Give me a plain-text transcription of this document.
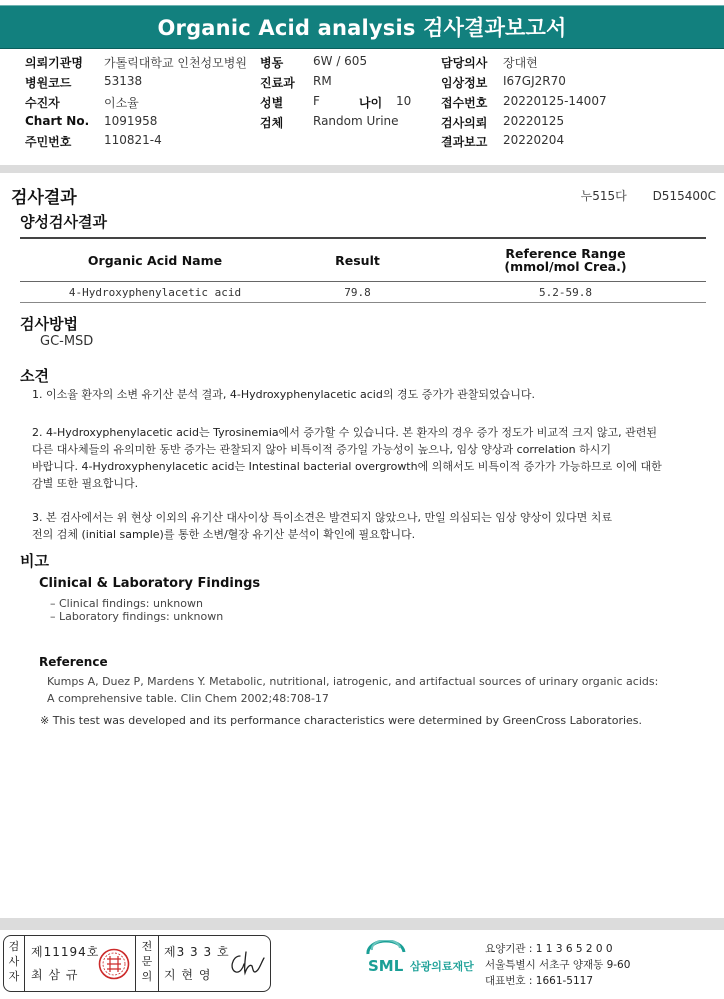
Organic Acid analysis 검사결과보고서
의뢰기관명 가톨릭대학교 인천성모병원 병동 6W / 605	담당의사 장대현
병원코드	53138	진료과 RM	임상정보 I67GJ2R70
수진자	이소율	성별 F	나이 10 접수번호 20220125-14007
Chart No. 1091958	검체 Random Urine	검사의뢰 20220125
주민번호	110821-4	결과보고 20220204
검사결과	누515다 D515400C
양성검사결과
Organic Acid Name	Result	Reference Range
(mmol/mol Crea.)

4-Hydroxyphenylacetic acid	79.8	5.2-59.8
검사방법
GC-MSD
소견
1. 이소율 환자의 소변 유기산 분석 결과, 4-Hydroxyphenylacetic acid의 경도 증가가 관찰되었습니다.
2. 4-Hydroxyphenylacetic acid는 Tyrosinemia에서 증가할 수 있습니다. 본 환자의 경우 증가 정도가 비교적 크지 않고, 관련된
다른 대사체들의 유의미한 동반 증가는 관찰되지 않아 비특이적 증가일 가능성이 높으나, 임상 양상과 correlation 하시기
바랍니다. 4-Hydroxyphenylacetic acid는 Intestinal bacterial overgrowth에 의해서도 비특이적 증가가 가능하므로 이에 대한
감별 또한 필요합니다.
3. 본 검사에서는 위 현상 이외의 유기산 대사이상 특이소견은 발견되지 않았으나, 만일 의심되는 임상 양상이 있다면 치료
전의 검체 (initial sample)를 통한 소변/혈장 유기산 분석이 확인에 필요합니다.
비고
Clinical & Laboratory Findings
– Clinical findings: unknown
– Laboratory findings: unknown
Reference
Kumps A, Duez P, Mardens Y. Metabolic, nutritional, iatrogenic, and artifactual sources of urinary organic acids:
A comprehensive table. Clin Chem 2002;48:708-17
※ This test was developed and its performance characteristics were determined by GreenCross Laboratories.
검
사
자
제11194호
최 삼 규
전
문
의
제3 3 3 호
지 현 영	SML 삼광의료재단
요양기관 : 1 1 3 6 5 2 0 0
서울특별시 서초구 양재동 9-60
대표번호 : 1661-5117
